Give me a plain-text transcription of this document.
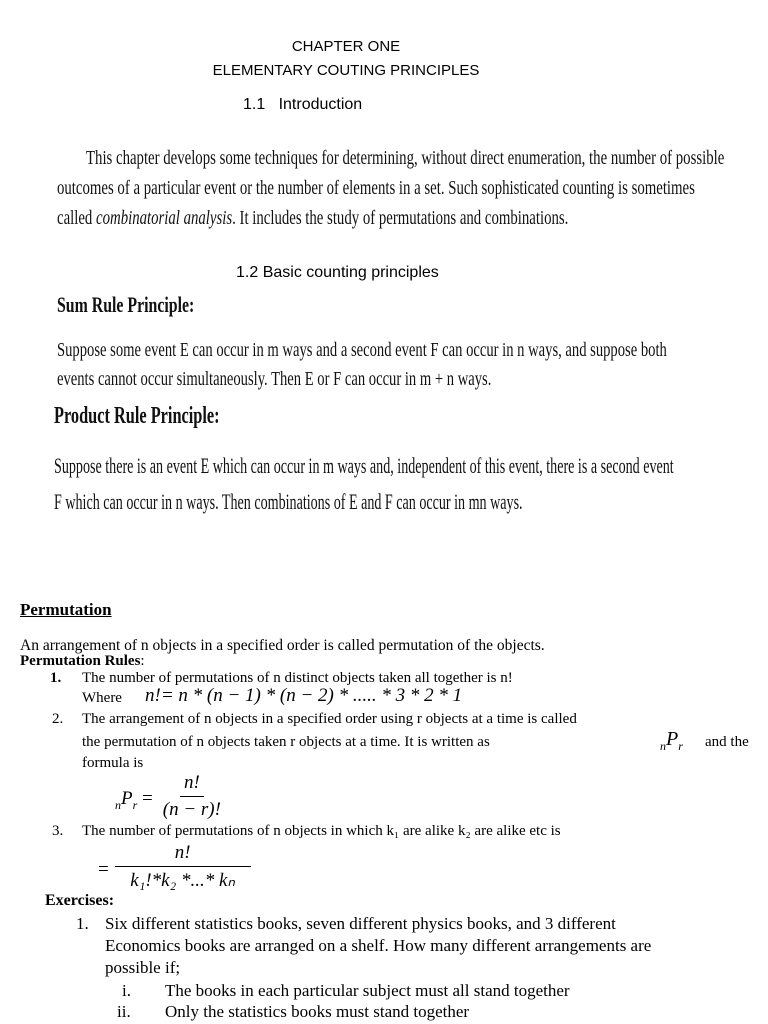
CHAPTER ONE
ELEMENTARY COUTING PRINCIPLES
1.1   Introduction
This chapter develops some techniques for determining, without direct enumeration, the number of possible
outcomes of a particular event or the number of elements in a set. Such sophisticated counting is sometimes
called combinatorial analysis. It includes the study of permutations and combinations.
1.2 Basic counting principles
Sum Rule Principle:
Suppose some event E can occur in m ways and a second event F can occur in n ways, and suppose both
events cannot occur simultaneously. Then E or F can occur in m + n ways.
Product Rule Principle:
Suppose there is an event E which can occur in m ways and, independent of this event, there is a second event
F which can occur in n ways. Then combinations of E and F can occur in mn ways.
Permutation
An arrangement of n objects in a specified order is called permutation of the objects.
Permutation Rules:
1. The number of permutations of n distinct objects taken all together is n!
Where n!= n * (n − 1) * (n − 2) * ..... * 3 * 2 * 1
2. The arrangement of n objects in a specified order using r objects at a time is called
the permutation of n objects taken r objects at a time. It is written as	$_nP_r$ and the
formula is
$_nP_r = \frac{n!}{(n - r)!}$
3. The number of permutations of n objects in which k₁ are alike k₂ are alike etc is
= $\frac{n!}{\text{k₁!*k₂ *...* kₙ}}$
Exercises:
1. Six different statistics books, seven different physics books, and 3 different
Economics books are arranged on a shelf. How many different arrangements are
possible if;
i. The books in each particular subject must all stand together
ii. Only the statistics books must stand together
